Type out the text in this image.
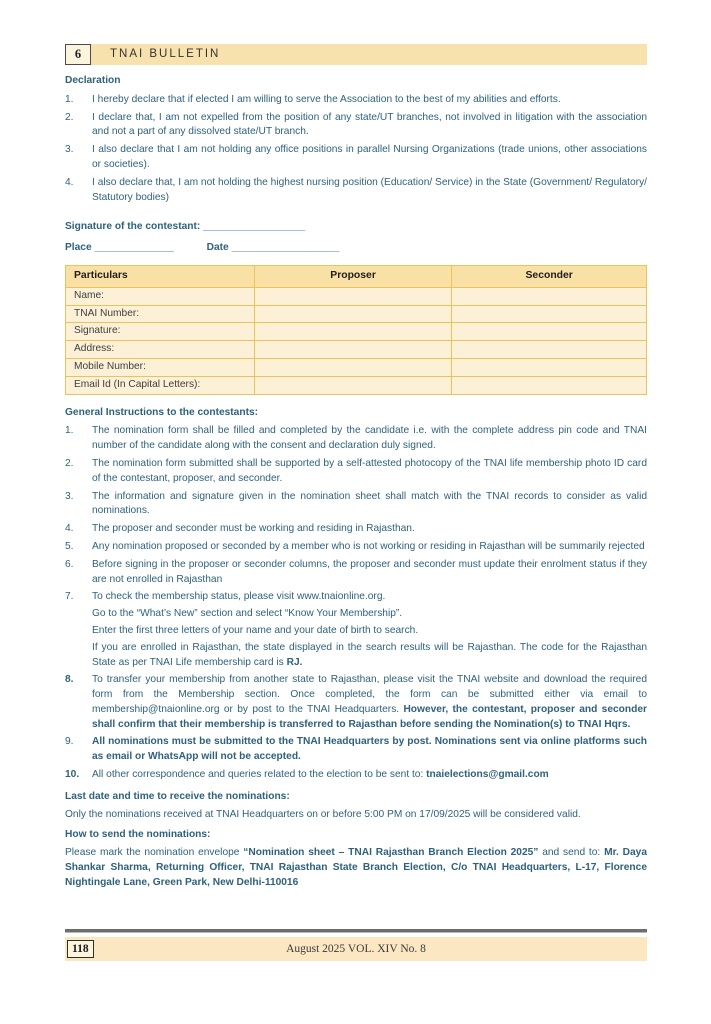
6	TNAI BULLETIN
Declaration
1.	I hereby declare that if elected I am willing to serve the Association to the best of my abilities and efforts.
2.	I declare that, I am not expelled from the position of any state/UT branches, not involved in litigation with the association and not a part of any dissolved state/UT branch.
3.	I also declare that I am not holding any office positions in parallel Nursing Organizations (trade unions, other associations or societies).
4.	I also declare that, I am not holding the highest nursing position (Education/ Service) in the State (Government/ Regulatory/ Statutory bodies)
Signature of the contestant: __________________
Place ______________	Date ___________________
Particulars	Proposer	Seconder
Name:		
TNAI Number:		
Signature:		
Address:		
Mobile Number:		
Email Id (In Capital Letters):		
General Instructions to the contestants:
1.	The nomination form shall be filled and completed by the candidate i.e. with the complete address pin code and TNAI number of the candidate along with the consent and declaration duly signed.
2.	The nomination form submitted shall be supported by a self-attested photocopy of the TNAI life membership photo ID card of the contestant, proposer, and seconder.
3.	The information and signature given in the nomination sheet shall match with the TNAI records to consider as valid nominations.
4.	The proposer and seconder must be working and residing in Rajasthan.
5.	Any nomination proposed or seconded by a member who is not working or residing in Rajasthan will be summarily rejected
6.	Before signing in the proposer or seconder columns, the proposer and seconder must update their enrolment status if they are not enrolled in Rajasthan
7.	To check the membership status, please visit www.tnaionline.org.
Go to the “What’s New” section and select “Know Your Membership”.
Enter the first three letters of your name and your date of birth to search.
If you are enrolled in Rajasthan, the state displayed in the search results will be Rajasthan. The code for the Rajasthan State as per TNAI Life membership card is RJ.
8.	To transfer your membership from another state to Rajasthan, please visit the TNAI website and download the required form from the Membership section. Once completed, the form can be submitted either via email to membership@tnaionline.org or by post to the TNAI Headquarters. However, the contestant, proposer and seconder shall confirm that their membership is transferred to Rajasthan before sending the Nomination(s) to TNAI Hqrs.
9.	All nominations must be submitted to the TNAI Headquarters by post. Nominations sent via online platforms such as email or WhatsApp will not be accepted.
10.	All other correspondence and queries related to the election to be sent to: tnaielections@gmail.com
Last date and time to receive the nominations:

Only the nominations received at TNAI Headquarters on or before 5:00 PM on 17/09/2025 will be considered valid.

How to send the nominations:

Please mark the nomination envelope “Nomination sheet – TNAI Rajasthan Branch Election 2025” and send to: Mr. Daya Shankar Sharma, Returning Officer, TNAI Rajasthan State Branch Election, C/o TNAI Headquarters, L-17, Florence Nightingale Lane, Green Park, New Delhi-110016

118	August 2025 VOL. XIV No. 8
